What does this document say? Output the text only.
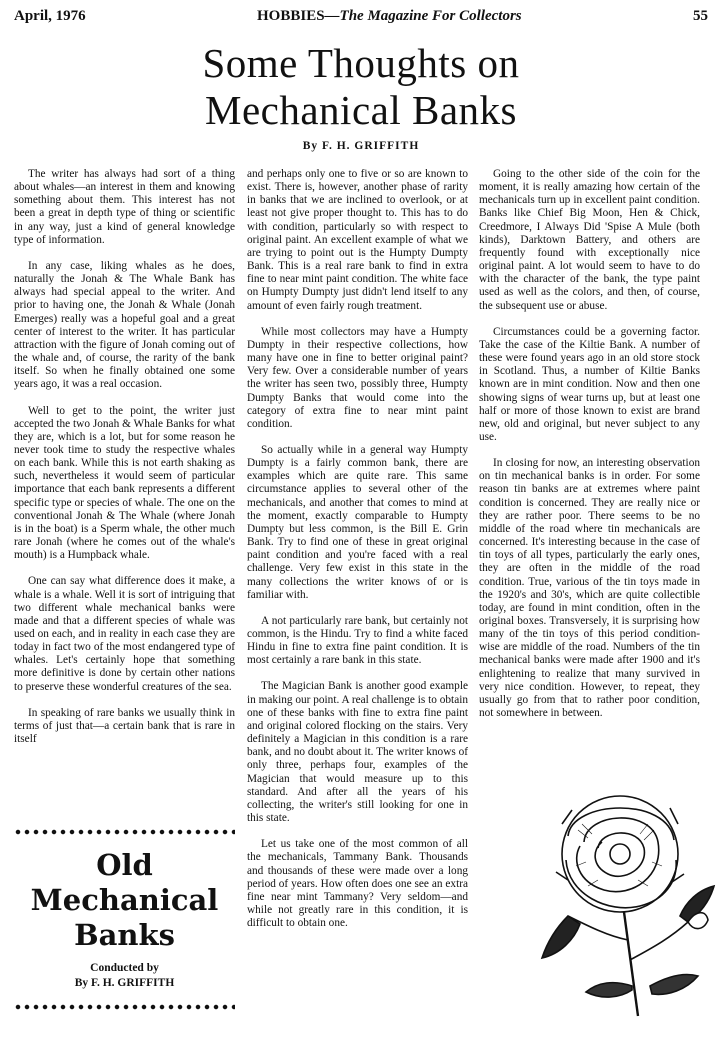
April, 1976	HOBBIES—The Magazine For Collectors	55
Some Thoughts on
Mechanical Banks
By F. H. GRIFFITH

The writer has always had sort of a thing about whales—an interest in them and knowing something about them. This interest has not been a great in depth type of thing or scientific in any way, just a kind of general knowledge type of information.

In any case, liking whales as he does, naturally the Jonah & The Whale Bank has always had special appeal to the writer. And prior to having one, the Jonah & Whale (Jonah Emerges) really was a hopeful goal and a great center of interest to the writer. It has particular attraction with the figure of Jonah coming out of the whale and, of course, the rarity of the bank itself. So when he finally obtained one some years ago, it was a real occasion.

Well to get to the point, the writer just accepted the two Jonah & Whale Banks for what they are, which is a lot, but for some reason he never took time to study the respective whales on each bank. While this is not earth shaking as such, nevertheless it would seem of particular importance that each bank represents a different specific type or species of whale. The one on the conventional Jonah & The Whale (where Jonah is in the boat) is a Sperm whale, the other much rare Jonah (where he comes out of the whale's mouth) is a Humpback whale.

One can say what difference does it make, a whale is a whale. Well it is sort of intriguing that two different whale mechanical banks were made and that a different species of whale was used on each, and in reality in each case they are today in fact two of the most endangered type of whales. Let's certainly hope that something more definitive is done by certain other nations to preserve these wonderful creatures of the sea.

In speaking of rare banks we usually think in terms of just that—a certain bank that is rare in itself

and perhaps only one to five or so are known to exist. There is, however, another phase of rarity in banks that we are inclined to overlook, or at least not give proper thought to. This has to do with condition, particularly so with respect to original paint. An excellent example of what we are trying to point out is the Humpty Dumpty Bank. This is a real rare bank to find in extra fine to near mint paint condition. The white face on Humpty Dumpty just didn't lend itself to any amount of even fairly rough treatment.

While most collectors may have a Humpty Dumpty in their respective collections, how many have one in fine to better original paint? Very few. Over a considerable number of years the writer has seen two, possibly three, Humpty Dumpty Banks that would come into the category of extra fine to near mint paint condition.

So actually while in a general way Humpty Dumpty is a fairly common bank, there are examples which are quite rare. This same circumstance applies to several other of the mechanicals, and another that comes to mind at the moment, exactly comparable to Humpty Dumpty but less common, is the Bill E. Grin Bank. Try to find one of these in great original paint condition and you're faced with a real challenge. Very few exist in this state in the many collections the writer knows of or is familiar with.

A not particularly rare bank, but certainly not common, is the Hindu. Try to find a white faced Hindu in fine to extra fine paint condition. It is most certainly a rare bank in this state.

The Magician Bank is another good example in making our point. A real challenge is to obtain one of these banks with fine to extra fine paint and original colored flocking on the stairs. Very definitely a Magician in this condition is a rare bank, and no doubt about it. The writer knows of only three, perhaps four, examples of the Magician that would measure up to this standard. And after all the years of his collecting, the writer's still looking for one in this state.

Let us take one of the most common of all the mechanicals, Tammany Bank. Thousands and thousands of these were made over a long period of years. How often does one see an extra fine near mint Tammany? Very seldom—and while not greatly rare in this condition, it is difficult to obtain one.

Going to the other side of the coin for the moment, it is really amazing how certain of the mechanicals turn up in excellent paint condition. Banks like Chief Big Moon, Hen & Chick, Creedmore, I Always Did 'Spise A Mule (both kinds), Darktown Battery, and others are frequently found with exceptionally nice original paint. A lot would seem to have to do with the character of the bank, the type paint used as well as the colors, and then, of course, the subsequent use or abuse.

Circumstances could be a governing factor. Take the case of the Kiltie Bank. A number of these were found years ago in an old store stock in Scotland. Thus, a number of Kiltie Banks known are in mint condition. Now and then one showing signs of wear turns up, but at least one half or more of those known to exist are brand new, old and original, but never subject to any use.

In closing for now, an interesting observation on tin mechanical banks is in order. For some reason tin banks are at extremes where paint condition is concerned. They are really nice or they are rather poor. There seems to be no middle of the road where tin mechanicals are concerned. It's interesting because in the case of tin toys of all types, particularly the early ones, they are often in the middle of the road condition. True, various of the tin toys made in the 1920's and 30's, which are quite collectible today, are found in mint condition, often in the original boxes. Transversely, it is surprising how many of the tin toys of this period condition-wise are middle of the road. Numbers of the tin mechanical banks were made after 1900 and it's enlightening to realize that many survived in very nice condition. However, to repeat, they usually go from that to rather poor condition, not somewhere in between.

Old
Mechanical
Banks
Conducted by
By F. H. GRIFFITH
